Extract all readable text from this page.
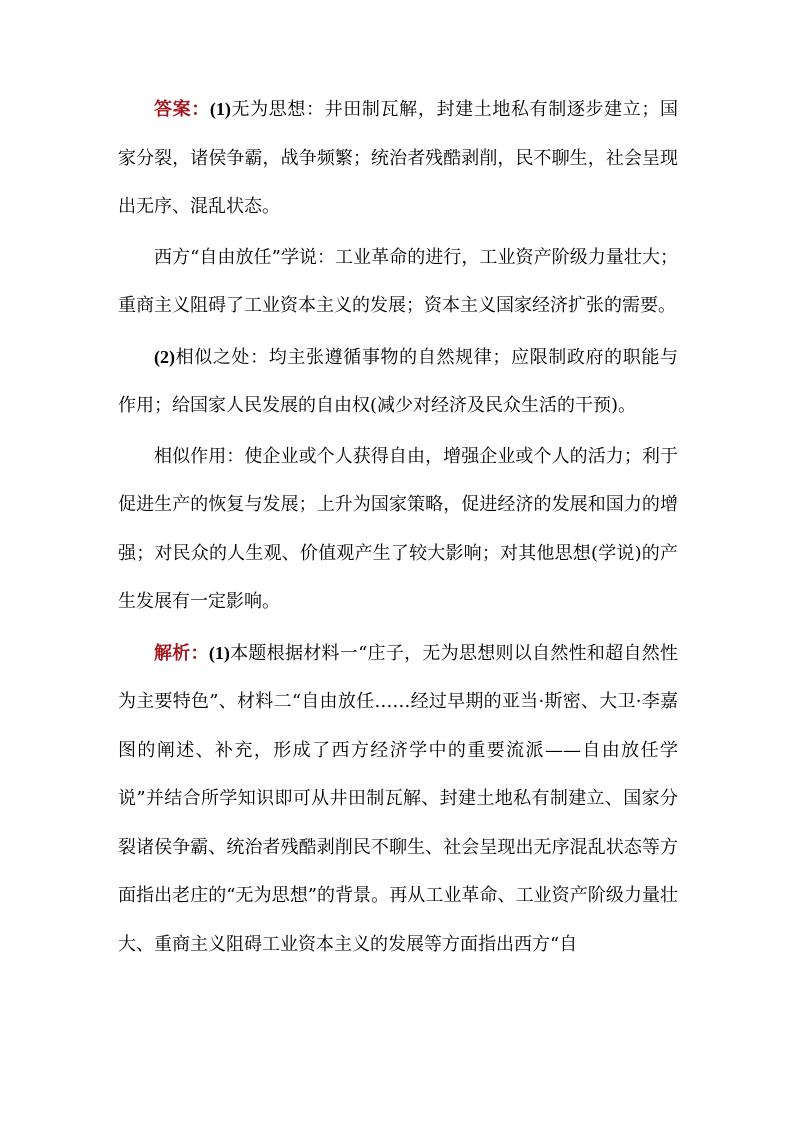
答案：(1)无为思想：井田制瓦解，封建土地私有制逐步建立；国家分裂，诸侯争霸，战争频繁；统治者残酷剥削，民不聊生，社会呈现出无序、混乱状态。

西方“自由放任”学说：工业革命的进行，工业资产阶级力量壮大；重商主义阻碍了工业资本主义的发展；资本主义国家经济扩张的需要。

(2)相似之处：均主张遵循事物的自然规律；应限制政府的职能与作用；给国家人民发展的自由权(减少对经济及民众生活的干预)。

相似作用：使企业或个人获得自由，增强企业或个人的活力；利于促进生产的恢复与发展；上升为国家策略，促进经济的发展和国力的增强；对民众的人生观、价值观产生了较大影响；对其他思想(学说)的产生发展有一定影响。

解析：(1)本题根据材料一“庄子，无为思想则以自然性和超自然性为主要特色”、材料二“自由放任……经过早期的亚当·斯密、大卫·李嘉图的阐述、补充，形成了西方经济学中的重要流派——自由放任学说”并结合所学知识即可从井田制瓦解、封建土地私有制建立、国家分裂诸侯争霸、统治者残酷剥削民不聊生、社会呈现出无序混乱状态等方面指出老庄的“无为思想”的背景。再从工业革命、工业资产阶级力量壮大、重商主义阻碍工业资本主义的发展等方面指出西方“自
